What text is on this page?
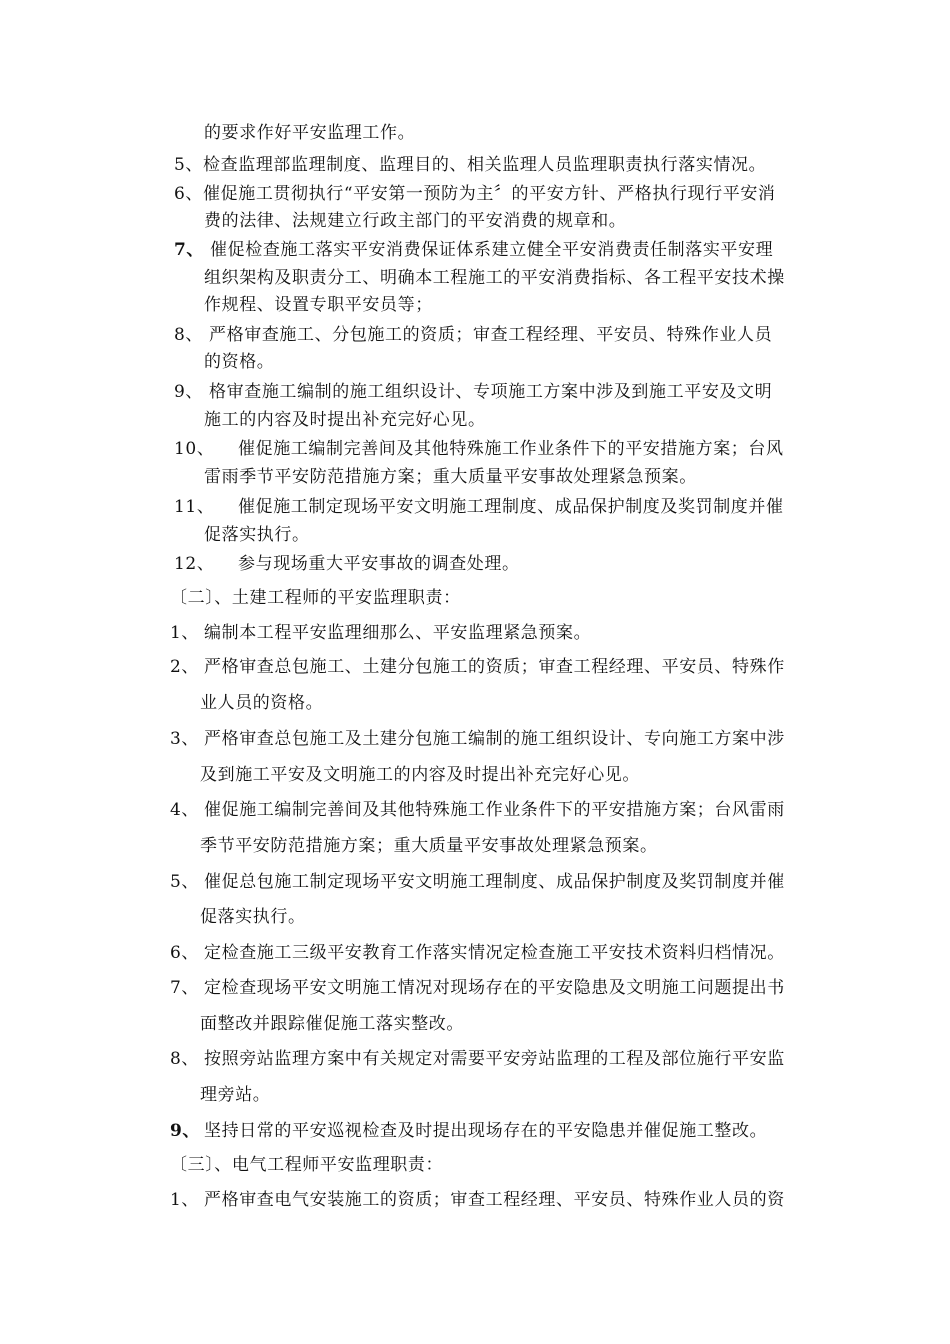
的要求作好平安监理工作。
5、检查监理部监理制度、监理目的、相关监理人员监理职责执行落实情况。
6、催促施工贯彻执行“平安第一预防为主〞的平安方针、严格执行现行平安消
费的法律、法规建立行政主部门的平安消费的规章和。
7、 催促检查施工落实平安消费保证体系建立健全平安消费责任制落实平安理
组织架构及职责分工、明确本工程施工的平安消费指标、各工程平安技术操
作规程、设置专职平安员等；
8、 严格审查施工、分包施工的资质；审查工程经理、平安员、特殊作业人员
的资格。
9、 格审查施工编制的施工组织设计、专项施工方案中涉及到施工平安及文明
施工的内容及时提出补充完好心见。
10、 催促施工编制完善间及其他特殊施工作业条件下的平安措施方案；台风
雷雨季节平安防范措施方案；重大质量平安事故处理紧急预案。
11、 催促施工制定现场平安文明施工理制度、成品保护制度及奖罚制度并催
促落实执行。
12、 参与现场重大平安事故的调查处理。
〔二〕、土建工程师的平安监理职责：
1、 编制本工程平安监理细那么、平安监理紧急预案。
2、 严格审查总包施工、土建分包施工的资质；审查工程经理、平安员、特殊作
业人员的资格。
3、 严格审查总包施工及土建分包施工编制的施工组织设计、专向施工方案中涉
及到施工平安及文明施工的内容及时提出补充完好心见。
4、 催促施工编制完善间及其他特殊施工作业条件下的平安措施方案；台风雷雨
季节平安防范措施方案；重大质量平安事故处理紧急预案。
5、 催促总包施工制定现场平安文明施工理制度、成品保护制度及奖罚制度并催
促落实执行。
6、 定检查施工三级平安教育工作落实情况定检查施工平安技术资料归档情况。
7、 定检查现场平安文明施工情况对现场存在的平安隐患及文明施工问题提出书
面整改并跟踪催促施工落实整改。
8、 按照旁站监理方案中有关规定对需要平安旁站监理的工程及部位施行平安监
理旁站。
9、 坚持日常的平安巡视检查及时提出现场存在的平安隐患并催促施工整改。
〔三〕、电气工程师平安监理职责：
1、 严格审查电气安装施工的资质；审查工程经理、平安员、特殊作业人员的资
